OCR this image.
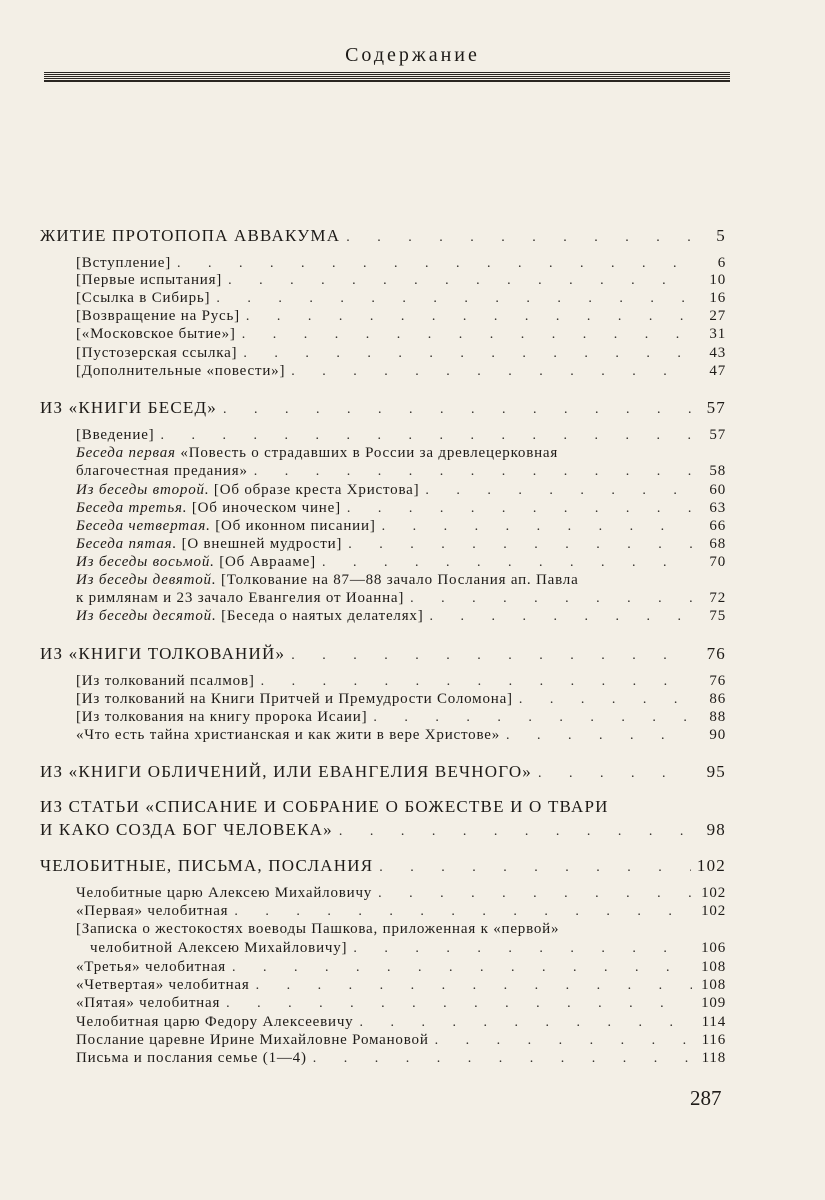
Содержание
ЖИТИЕ ПРОТОПОПА АВВАКУМА . . .	5
[Вступление] . . .	6
[Первые испытания] . . .	10
[Ссылка в Сибирь] . . .	16
[Возвращение на Русь] . . .	27
[«Московское бытие»] . . .	31
[Пустозерская ссылка] . . .	43
[Дополнительные «повести»] . . .	47
ИЗ «КНИГИ БЕСЕД» . . .	57
[Введение] . . .	57
Беседа первая «Повесть о страдавших в России за древлецерковная
благочестная предания» . . .	58
Из беседы второй. [Об образе креста Христова] . . .	60
Беседа третья. [Об иноческом чине] . . .	63
Беседа четвертая. [Об иконном писании] . . .	66
Беседа пятая. [О внешней мудрости] . . .	68
Из беседы восьмой. [Об Аврааме] . . .	70
Из беседы девятой. [Толкование на 87—88 зачало Послания ап. Павла
к римлянам и 23 зачало Евангелия от Иоанна] . . .	72
Из беседы десятой. [Беседа о наятых делателях] . . .	75
ИЗ «КНИГИ ТОЛКОВАНИЙ» . . .	76
[Из толкований псалмов] . . .	76
[Из толкований на Книги Притчей и Премудрости Соломона] . . .	86
[Из толкования на книгу пророка Исаии] . . .	88
«Что есть тайна христианская и как жити в вере Христове» . . .	90
ИЗ «КНИГИ ОБЛИЧЕНИЙ, ИЛИ ЕВАНГЕЛИЯ ВЕЧНОГО» . . .	95
ИЗ СТАТЬИ «СПИСАНИЕ И СОБРАНИЕ О БОЖЕСТВЕ И О ТВАРИ
И КАКО СОЗДА БОГ ЧЕЛОВЕКА» . . .	98
ЧЕЛОБИТНЫЕ, ПИСЬМА, ПОСЛАНИЯ . . .	102
Челобитные царю Алексею Михайловичу . . .	102
«Первая» челобитная . . .	102
[Записка о жестокостях воеводы Пашкова, приложенная к «первой»
челобитной Алексею Михайловичу] . . .	106
«Третья» челобитная . . .	108
«Четвертая» челобитная . . .	108
«Пятая» челобитная . . .	109
Челобитная царю Федору Алексеевичу . . .	114
Послание царевне Ирине Михайловне Романовой . . .	116
Письма и послания семье (1—4) . . .	118
287
